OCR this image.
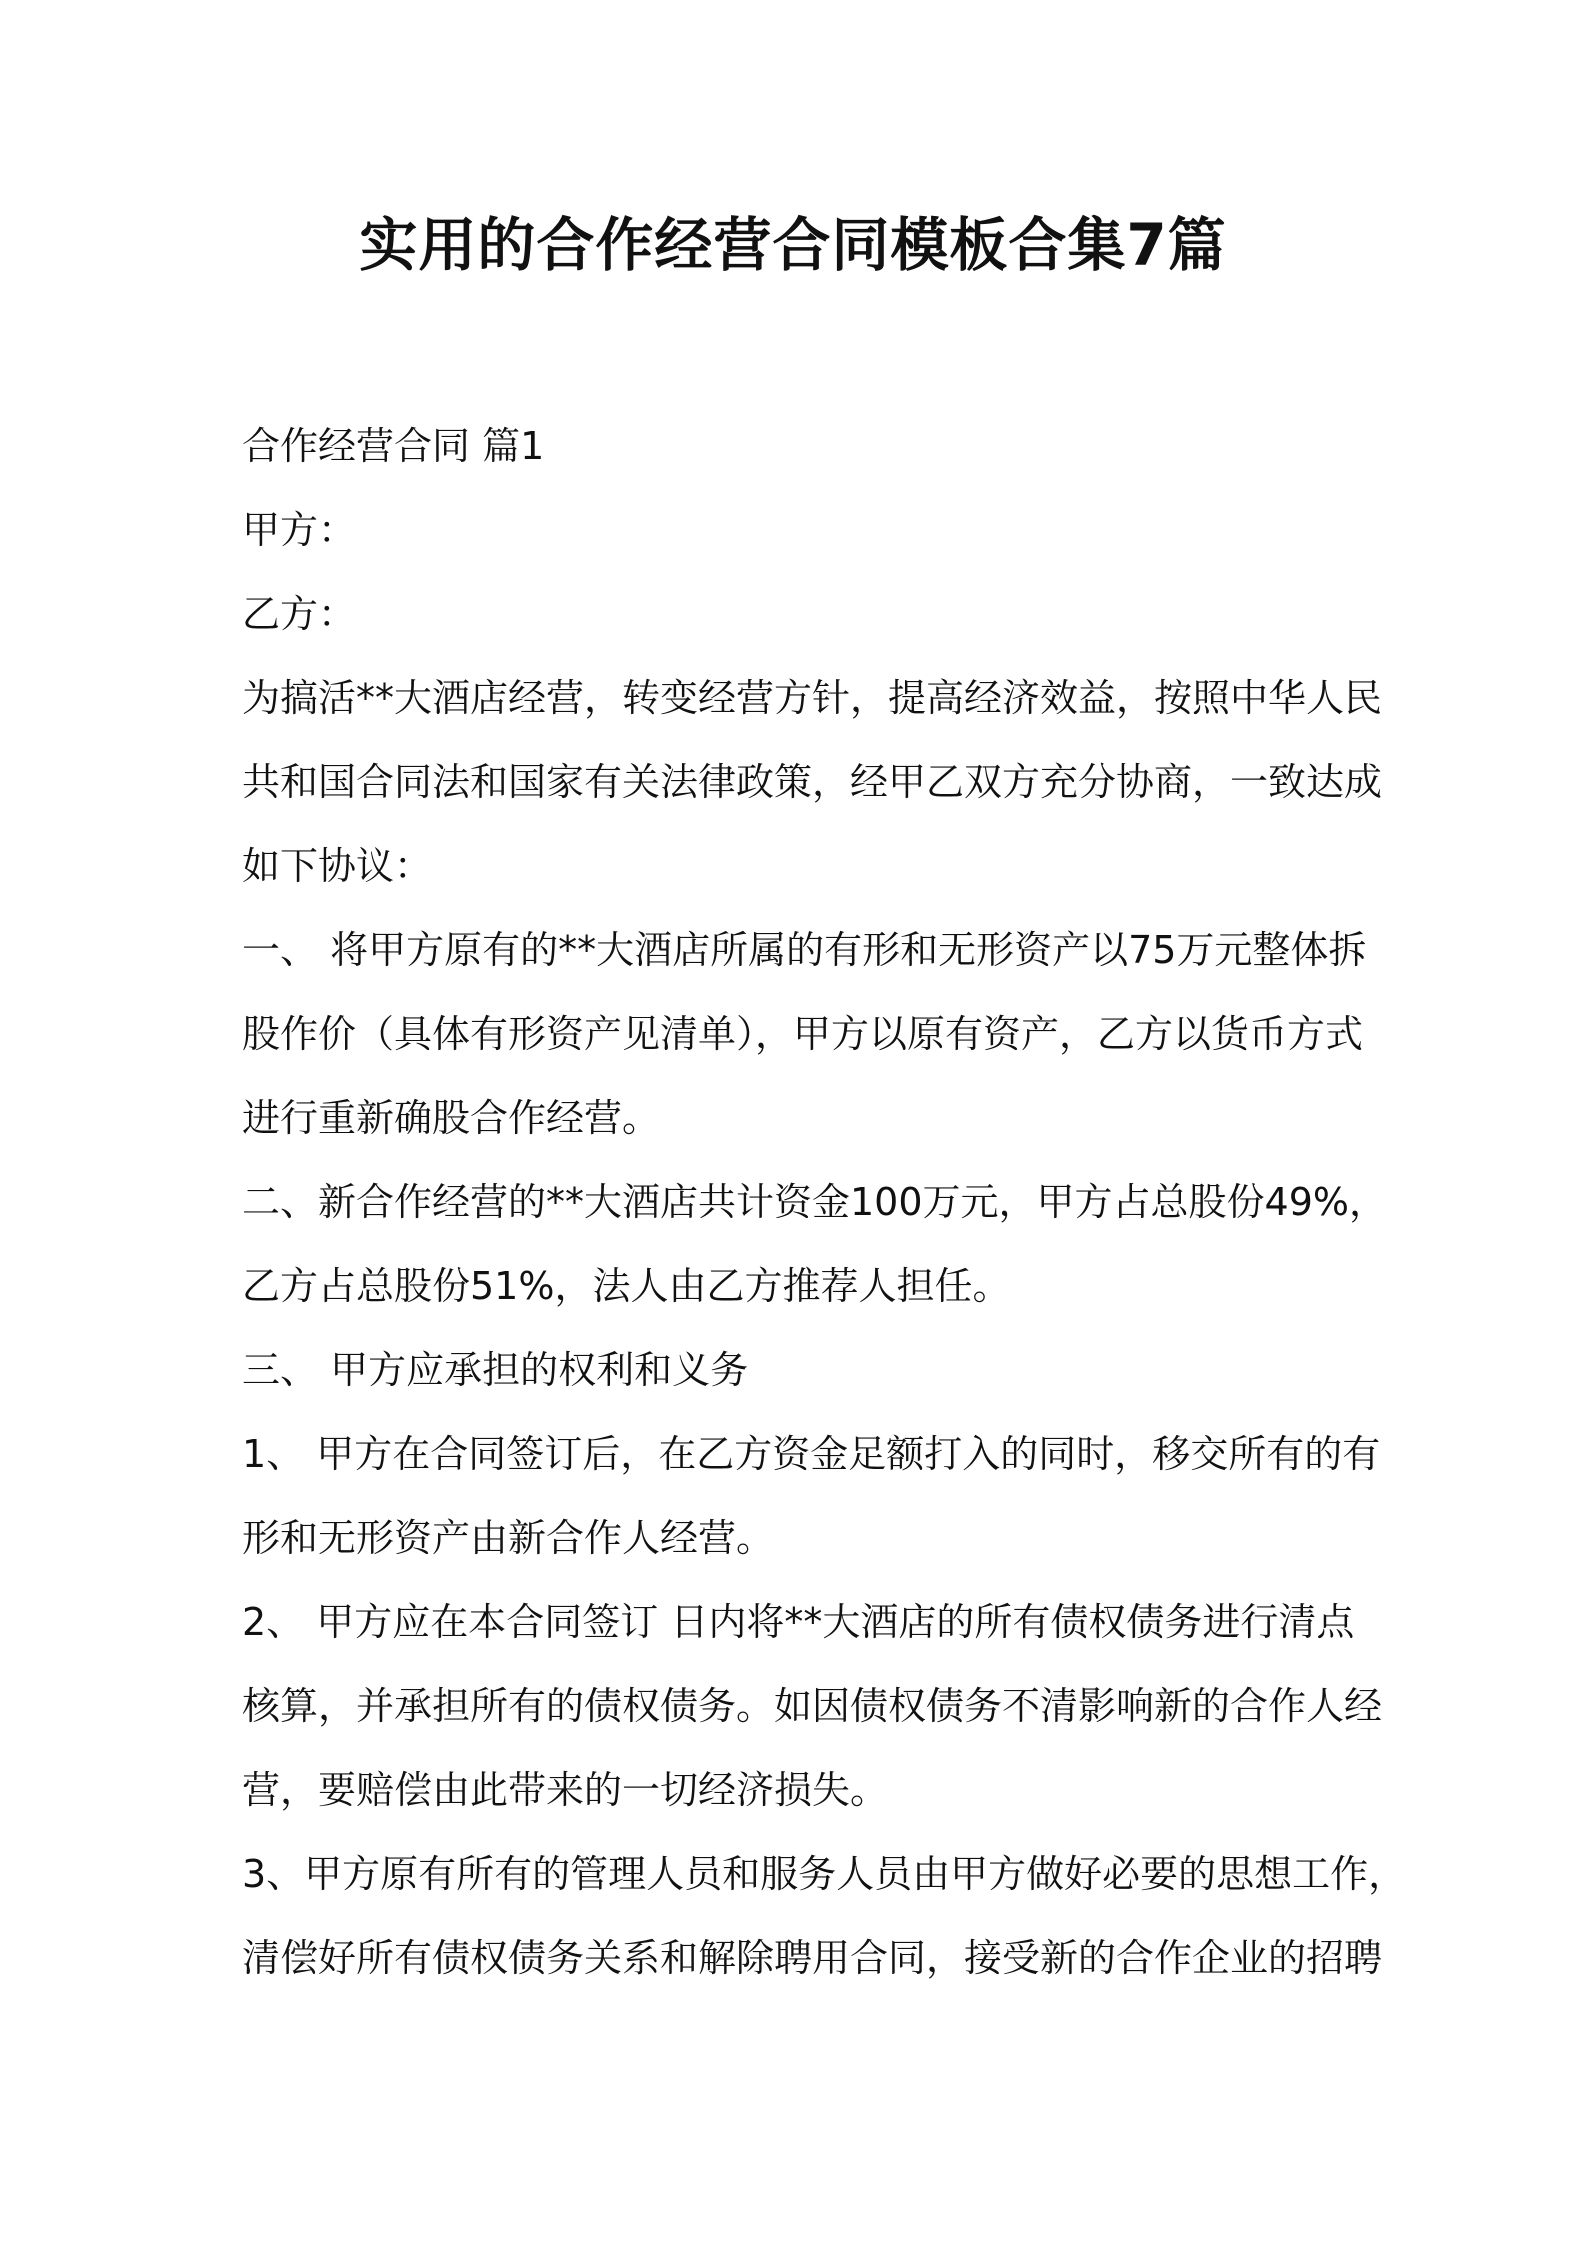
实用的合作经营合同模板合集7篇

合作经营合同 篇1

甲方：

乙方：

为搞活**大酒店经营，转变经营方针，提高经济效益，按照中华人民

共和国合同法和国家有关法律政策，经甲乙双方充分协商，一致达成

如下协议：

一、 将甲方原有的**大酒店所属的有形和无形资产以75万元整体拆

股作价（具体有形资产见清单），甲方以原有资产，乙方以货币方式

进行重新确股合作经营。

二、新合作经营的**大酒店共计资金100万元，甲方占总股份49%，

乙方占总股份51%，法人由乙方推荐人担任。

三、 甲方应承担的权利和义务

1、 甲方在合同签订后，在乙方资金足额打入的同时，移交所有的有

形和无形资产由新合作人经营。

2、 甲方应在本合同签订 日内将**大酒店的所有债权债务进行清点

核算，并承担所有的债权债务。如因债权债务不清影响新的合作人经

营，要赔偿由此带来的一切经济损失。

3、甲方原有所有的管理人员和服务人员由甲方做好必要的思想工作，

清偿好所有债权债务关系和解除聘用合同，接受新的合作企业的招聘
